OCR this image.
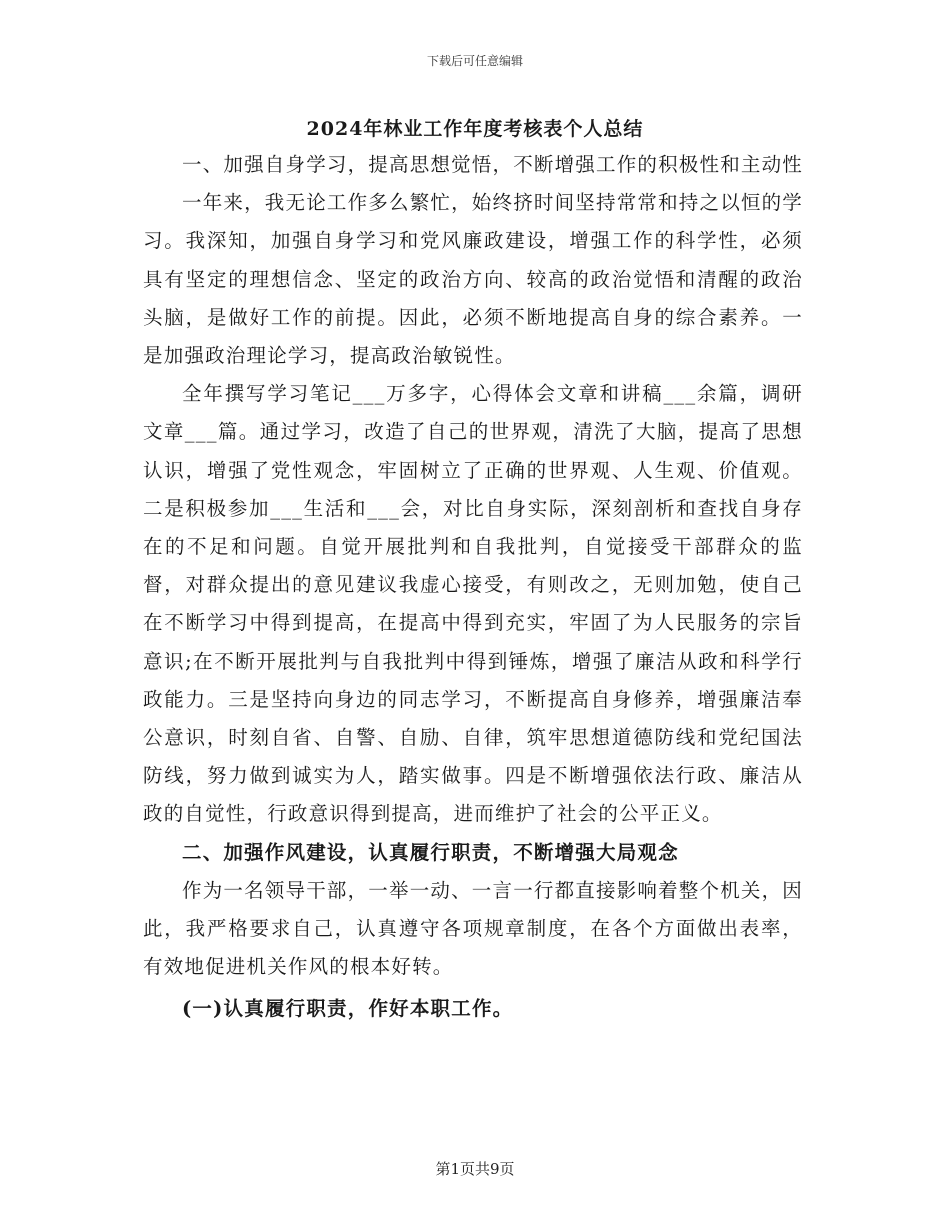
下载后可任意编辑
2024年林业工作年度考核表个人总结

一、加强自身学习，提高思想觉悟，不断增强工作的积极性和主动性

一年来，我无论工作多么繁忙，始终挤时间坚持常常和持之以恒的学习。我深知，加强自身学习和党风廉政建设，增强工作的科学性，必须具有坚定的理想信念、坚定的政治方向、较高的政治觉悟和清醒的政治头脑，是做好工作的前提。因此，必须不断地提高自身的综合素养。一是加强政治理论学习，提高政治敏锐性。

全年撰写学习笔记___万多字，心得体会文章和讲稿___余篇，调研文章___篇。通过学习，改造了自己的世界观，清洗了大脑，提高了思想认识，增强了党性观念，牢固树立了正确的世界观、人生观、价值观。二是积极参加___生活和___会，对比自身实际，深刻剖析和查找自身存在的不足和问题。自觉开展批判和自我批判，自觉接受干部群众的监督，对群众提出的意见建议我虚心接受，有则改之，无则加勉，使自己在不断学习中得到提高，在提高中得到充实，牢固了为人民服务的宗旨意识;在不断开展批判与自我批判中得到锤炼，增强了廉洁从政和科学行政能力。三是坚持向身边的同志学习，不断提高自身修养，增强廉洁奉公意识，时刻自省、自警、自励、自律，筑牢思想道德防线和党纪国法防线，努力做到诚实为人，踏实做事。四是不断增强依法行政、廉洁从政的自觉性，行政意识得到提高，进而维护了社会的公平正义。

二、加强作风建设，认真履行职责，不断增强大局观念

作为一名领导干部，一举一动、一言一行都直接影响着整个机关，因此，我严格要求自己，认真遵守各项规章制度，在各个方面做出表率，有效地促进机关作风的根本好转。

(一)认真履行职责，作好本职工作。

第1页共9页
